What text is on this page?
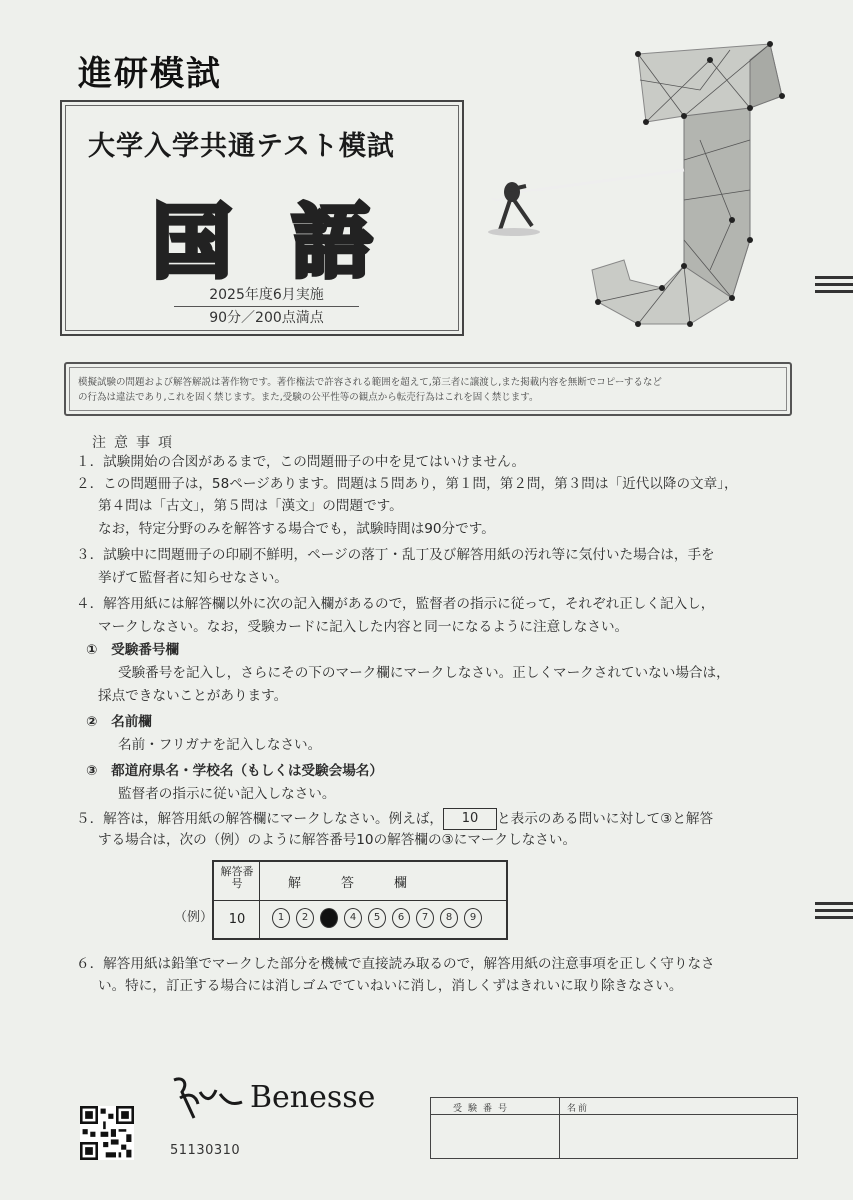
進研模試
大学入学共通テスト模試
国語
2025年度6月実施
90分／200点満点
模擬試験の問題および解答解説は著作物です。著作権法で許容される範囲を超えて,第三者に譲渡し,また掲載内容を無断でコピーするなど
の行為は違法であり,これを固く禁じます。また,受験の公平性等の観点から転売行為はこれを固く禁じます。
注意事項
１．試験開始の合図があるまで，この問題冊子の中を見てはいけません。
２．この問題冊子は，58ページあります。問題は５問あり，第１問，第２問，第３問は「近代以降の文章」，
第４問は「古文」，第５問は「漢文」の問題です。
なお，特定分野のみを解答する場合でも，試験時間は90分です。
３．試験中に問題冊子の印刷不鮮明，ページの落丁・乱丁及び解答用紙の汚れ等に気付いた場合は，手を
挙げて監督者に知らせなさい。
４．解答用紙には解答欄以外に次の記入欄があるので，監督者の指示に従って，それぞれ正しく記入し，
マークしなさい。なお，受験カードに記入した内容と同一になるように注意しなさい。
①　受験番号欄
受験番号を記入し，さらにその下のマーク欄にマークしなさい。正しくマークされていない場合は，
採点できないことがあります。
②　名前欄
名前・フリガナを記入しなさい。
③　都道府県名・学校名（もしくは受験会場名）
監督者の指示に従い記入しなさい。
５．解答は，解答用紙の解答欄にマークしなさい。例えば， 10 と表示のある問いに対して③と解答
する場合は，次の（例）のように解答番号10の解答欄の③にマークしなさい。
（例）
解答番号	解答欄
10	1	2	3	4	5	6	7	8	9
６．解答用紙は鉛筆でマークした部分を機械で直接読み取るので，解答用紙の注意事項を正しく守りなさ
い。特に，訂正する場合には消しゴムでていねいに消し，消しくずはきれいに取り除きなさい。
Benesse
51130310
受験番号	名前
